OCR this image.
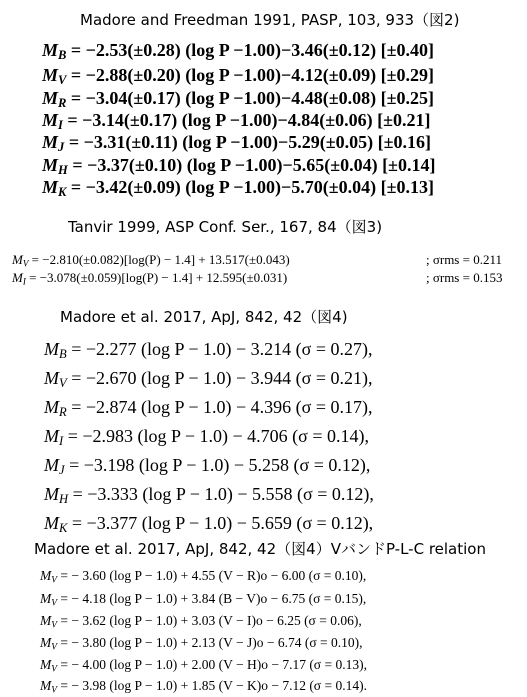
Madore and Freedman 1991, PASP, 103, 933（図2)
$M_B = -2.53(\pm 0.28)$ (log P −1.00)−3.46(±0.12) [±0.40]
$M_V = -2.88(\pm 0.20)$ (log P −1.00)−4.12(±0.09) [±0.29]
$M_R = -3.04(\pm 0.17)$ (log P −1.00)−4.48(±0.08) [±0.25]
$M_I = -3.14(\pm 0.17)$ (log P −1.00)−4.84(±0.06) [±0.21]
$M_J = -3.31(\pm 0.11)$ (log P −1.00)−5.29(±0.05) [±0.16]
$M_H = -3.37(\pm 0.10)$ (log P −1.00)−5.65(±0.04) [±0.14]
$M_K = -3.42(\pm 0.09)$ (log P −1.00)−5.70(±0.04) [±0.13]
Tanvir 1999, ASP Conf. Ser., 167, 84（図3)
$M_V = -2.810(\pm 0.082)[\log(P) - 1.4] + 13.517(\pm 0.043)$	; σrms = 0.211
$M_I = -3.078(\pm 0.059)[\log(P) - 1.4] + 12.595(\pm 0.031)$	; σrms = 0.153
Madore et al. 2017, ApJ, 842, 42（図4)
$M_B = -2.277$ (log P − 1.0) − 3.214 (σ = 0.27),
$M_V = -2.670$ (log P − 1.0) − 3.944 (σ = 0.21),
$M_R = -2.874$ (log P − 1.0) − 4.396 (σ = 0.17),
$M_I = -2.983$ (log P − 1.0) − 4.706 (σ = 0.14),
$M_J = -3.198$ (log P − 1.0) − 5.258 (σ = 0.12),
$M_H = -3.333$ (log P − 1.0) − 5.558 (σ = 0.12),
$M_K = -3.377$ (log P − 1.0) − 5.659 (σ = 0.12),
Madore et al. 2017, ApJ, 842, 42（図4）VバンドP-L-C relation
$M_V$ = − 3.60 (log P − 1.0) + 4.55 (V − R)o − 6.00 (σ = 0.10),
$M_V$ = − 4.18 (log P − 1.0) + 3.84 (B − V)o − 6.75 (σ = 0.15),
$M_V$ = − 3.62 (log P − 1.0) + 3.03 (V − I)o − 6.25 (σ = 0.06),
$M_V$ = − 3.80 (log P − 1.0) + 2.13 (V − J)o − 6.74 (σ = 0.10),
$M_V$ = − 4.00 (log P − 1.0) + 2.00 (V − H)o − 7.17 (σ = 0.13),
$M_V$ = − 3.98 (log P − 1.0) + 1.85 (V − K)o − 7.12 (σ = 0.14).
